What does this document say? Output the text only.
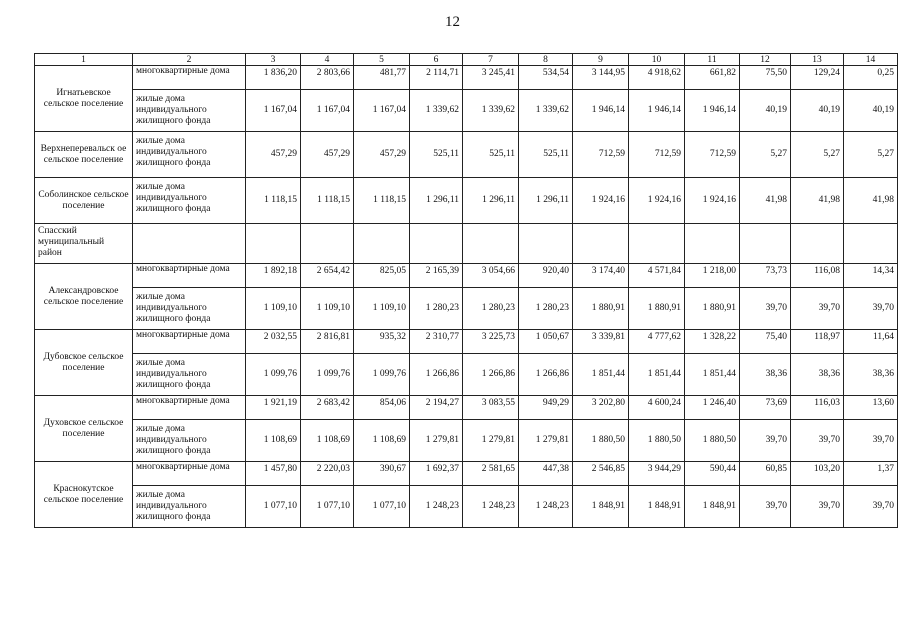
12
1	2	3	4	5	6	7	8	9	10	11	12	13	14
Игнатьевское сельское поселение	многоквартирные дома	1 836,20	2 803,66	481,77	2 114,71	3 245,41	534,54	3 144,95	4 918,62	661,82	75,50	129,24	0,25
	жилые дома индивидуального жилищного фонда	1 167,04	1 167,04	1 167,04	1 339,62	1 339,62	1 339,62	1 946,14	1 946,14	1 946,14	40,19	40,19	40,19
Верхнеперевальск ое сельское поселение	жилые дома индивидуального жилищного фонда	457,29	457,29	457,29	525,11	525,11	525,11	712,59	712,59	712,59	5,27	5,27	5,27
Соболинское сельское поселение	жилые дома индивидуального жилищного фонда	1 118,15	1 118,15	1 118,15	1 296,11	1 296,11	1 296,11	1 924,16	1 924,16	1 924,16	41,98	41,98	41,98
Спасский муниципальный район													
Александровское сельское поселение	многоквартирные дома	1 892,18	2 654,42	825,05	2 165,39	3 054,66	920,40	3 174,40	4 571,84	1 218,00	73,73	116,08	14,34
	жилые дома индивидуального жилищного фонда	1 109,10	1 109,10	1 109,10	1 280,23	1 280,23	1 280,23	1 880,91	1 880,91	1 880,91	39,70	39,70	39,70
Дубовское сельское поселение	многоквартирные дома	2 032,55	2 816,81	935,32	2 310,77	3 225,73	1 050,67	3 339,81	4 777,62	1 328,22	75,40	118,97	11,64
	жилые дома индивидуального жилищного фонда	1 099,76	1 099,76	1 099,76	1 266,86	1 266,86	1 266,86	1 851,44	1 851,44	1 851,44	38,36	38,36	38,36
Духовское сельское поселение	многоквартирные дома	1 921,19	2 683,42	854,06	2 194,27	3 083,55	949,29	3 202,80	4 600,24	1 246,40	73,69	116,03	13,60
	жилые дома индивидуального жилищного фонда	1 108,69	1 108,69	1 108,69	1 279,81	1 279,81	1 279,81	1 880,50	1 880,50	1 880,50	39,70	39,70	39,70
Краснокутское сельское поселение	многоквартирные дома	1 457,80	2 220,03	390,67	1 692,37	2 581,65	447,38	2 546,85	3 944,29	590,44	60,85	103,20	1,37
	жилые дома индивидуального жилищного фонда	1 077,10	1 077,10	1 077,10	1 248,23	1 248,23	1 248,23	1 848,91	1 848,91	1 848,91	39,70	39,70	39,70
